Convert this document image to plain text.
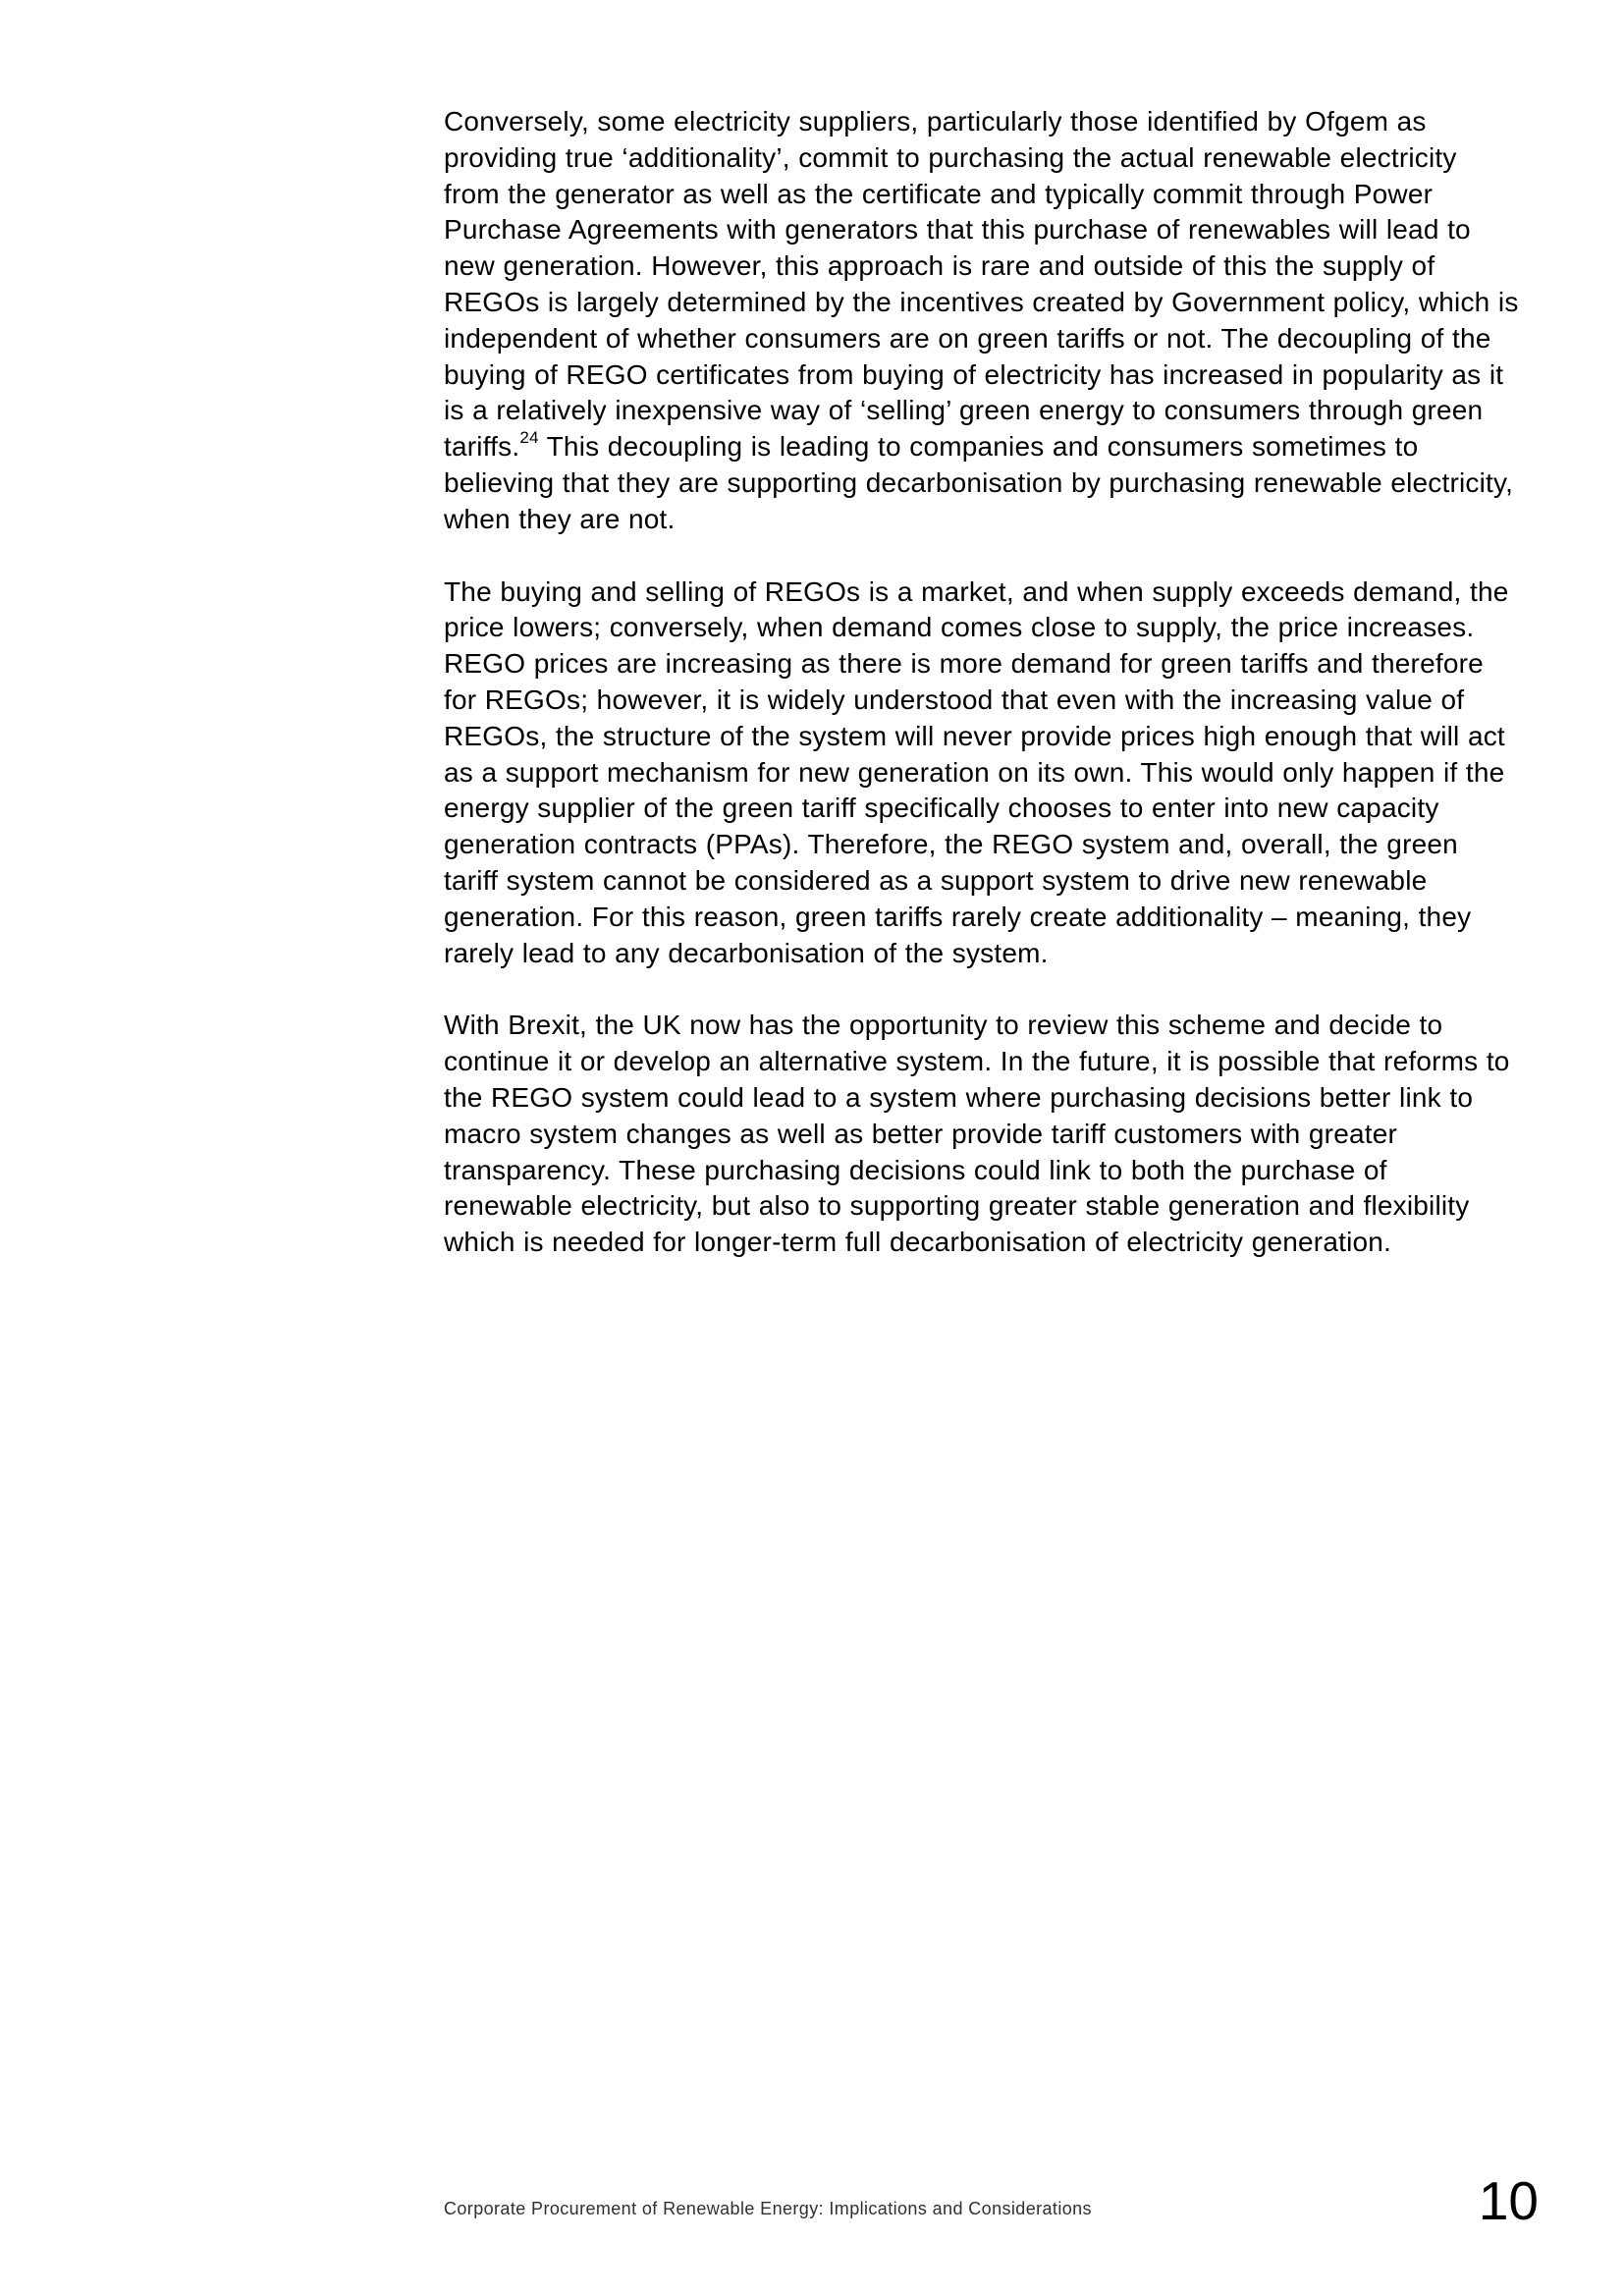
Conversely, some electricity suppliers, particularly those identified by Ofgem as providing true ‘additionality’, commit to purchasing the actual renewable electricity from the generator as well as the certificate and typically commit through Power Purchase Agreements with generators that this purchase of renewables will lead to new generation. However, this approach is rare and outside of this the supply of REGOs is largely determined by the incentives created by Government policy, which is independent of whether consumers are on green tariffs or not. The decoupling of the buying of REGO certificates from buying of electricity has increased in popularity as it is a relatively inexpensive way of ‘selling’ green energy to consumers through green tariffs.$^{24}$ This decoupling is leading to companies and consumers sometimes to believing that they are supporting decarbonisation by purchasing renewable electricity, when they are not.

The buying and selling of REGOs is a market, and when supply exceeds demand, the price lowers; conversely, when demand comes close to supply, the price increases. REGO prices are increasing as there is more demand for green tariffs and therefore for REGOs; however, it is widely understood that even with the increasing value of REGOs, the structure of the system will never provide prices high enough that will act as a support mechanism for new generation on its own. This would only happen if the energy supplier of the green tariff specifically chooses to enter into new capacity generation contracts (PPAs). Therefore, the REGO system and, overall, the green tariff system cannot be considered as a support system to drive new renewable generation. For this reason, green tariffs rarely create additionality – meaning, they rarely lead to any decarbonisation of the system.

With Brexit, the UK now has the opportunity to review this scheme and decide to continue it or develop an alternative system. In the future, it is possible that reforms to the REGO system could lead to a system where purchasing decisions better link to macro system changes as well as better provide tariff customers with greater transparency. These purchasing decisions could link to both the purchase of renewable electricity, but also to supporting greater stable generation and flexibility which is needed for longer-term full decarbonisation of electricity generation.

Corporate Procurement of Renewable Energy: Implications and Considerations	10
